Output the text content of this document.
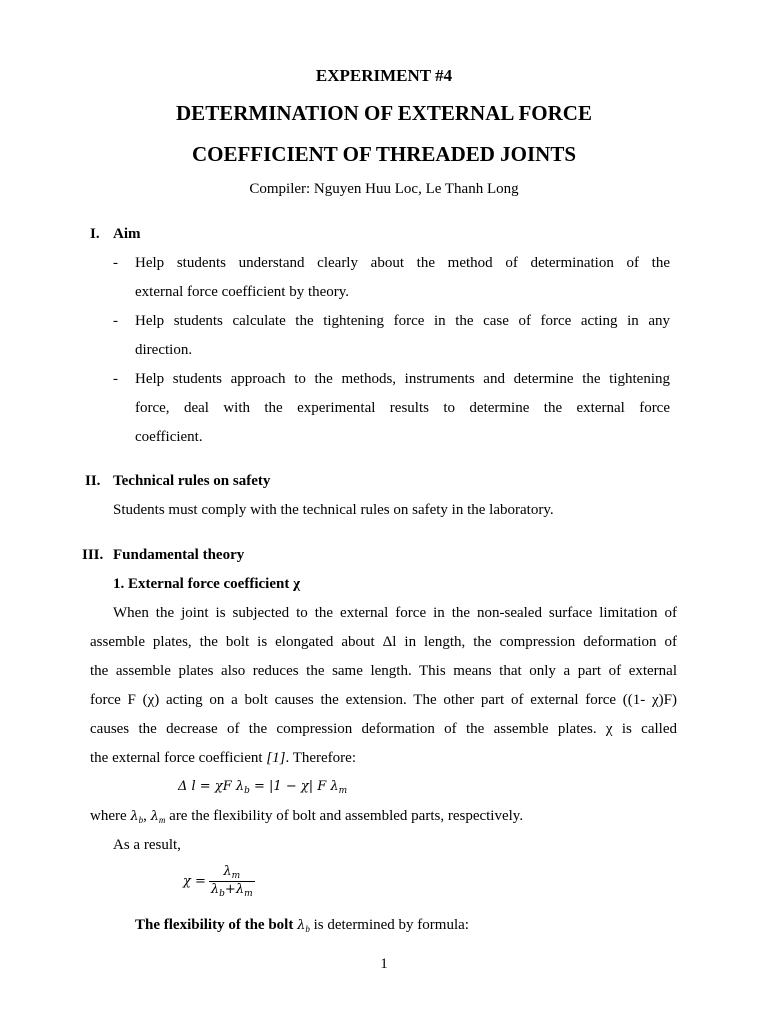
EXPERIMENT #4
DETERMINATION OF EXTERNAL FORCE
COEFFICIENT OF THREADED JOINTS
Compiler: Nguyen Huu Loc, Le Thanh Long
I. Aim
- Help students understand clearly about the method of determination of the
external force coefficient by theory.
- Help students calculate the tightening force in the case of force acting in any
direction.
- Help students approach to the methods, instruments and determine the tightening
force, deal with the experimental results to determine the external force
coefficient.
II. Technical rules on safety
Students must comply with the technical rules on safety in the laboratory.
III. Fundamental theory
1. External force coefficient χ
When the joint is subjected to the external force in the non-sealed surface limitation of
assemble plates, the bolt is elongated about Δl in length, the compression deformation of
the assemble plates also reduces the same length. This means that only a part of external
force F (χ) acting on a bolt causes the extension. The other part of external force ((1- χ)F)
causes the decrease of the compression deformation of the assemble plates. χ is called
the external force coefficient [1]. Therefore:
Δ l = χF $\lambda_b = |1 - \chi|$ F $\lambda_m$
where $\lambda_b$, $\lambda_m$ are the flexibility of bolt and assembled parts, respectively.
As a result,
$\chi = \frac{\lambda_m}{\lambda_b+\lambda_m}$
The flexibility of the bolt $\lambda_b$ is determined by formula:
1
